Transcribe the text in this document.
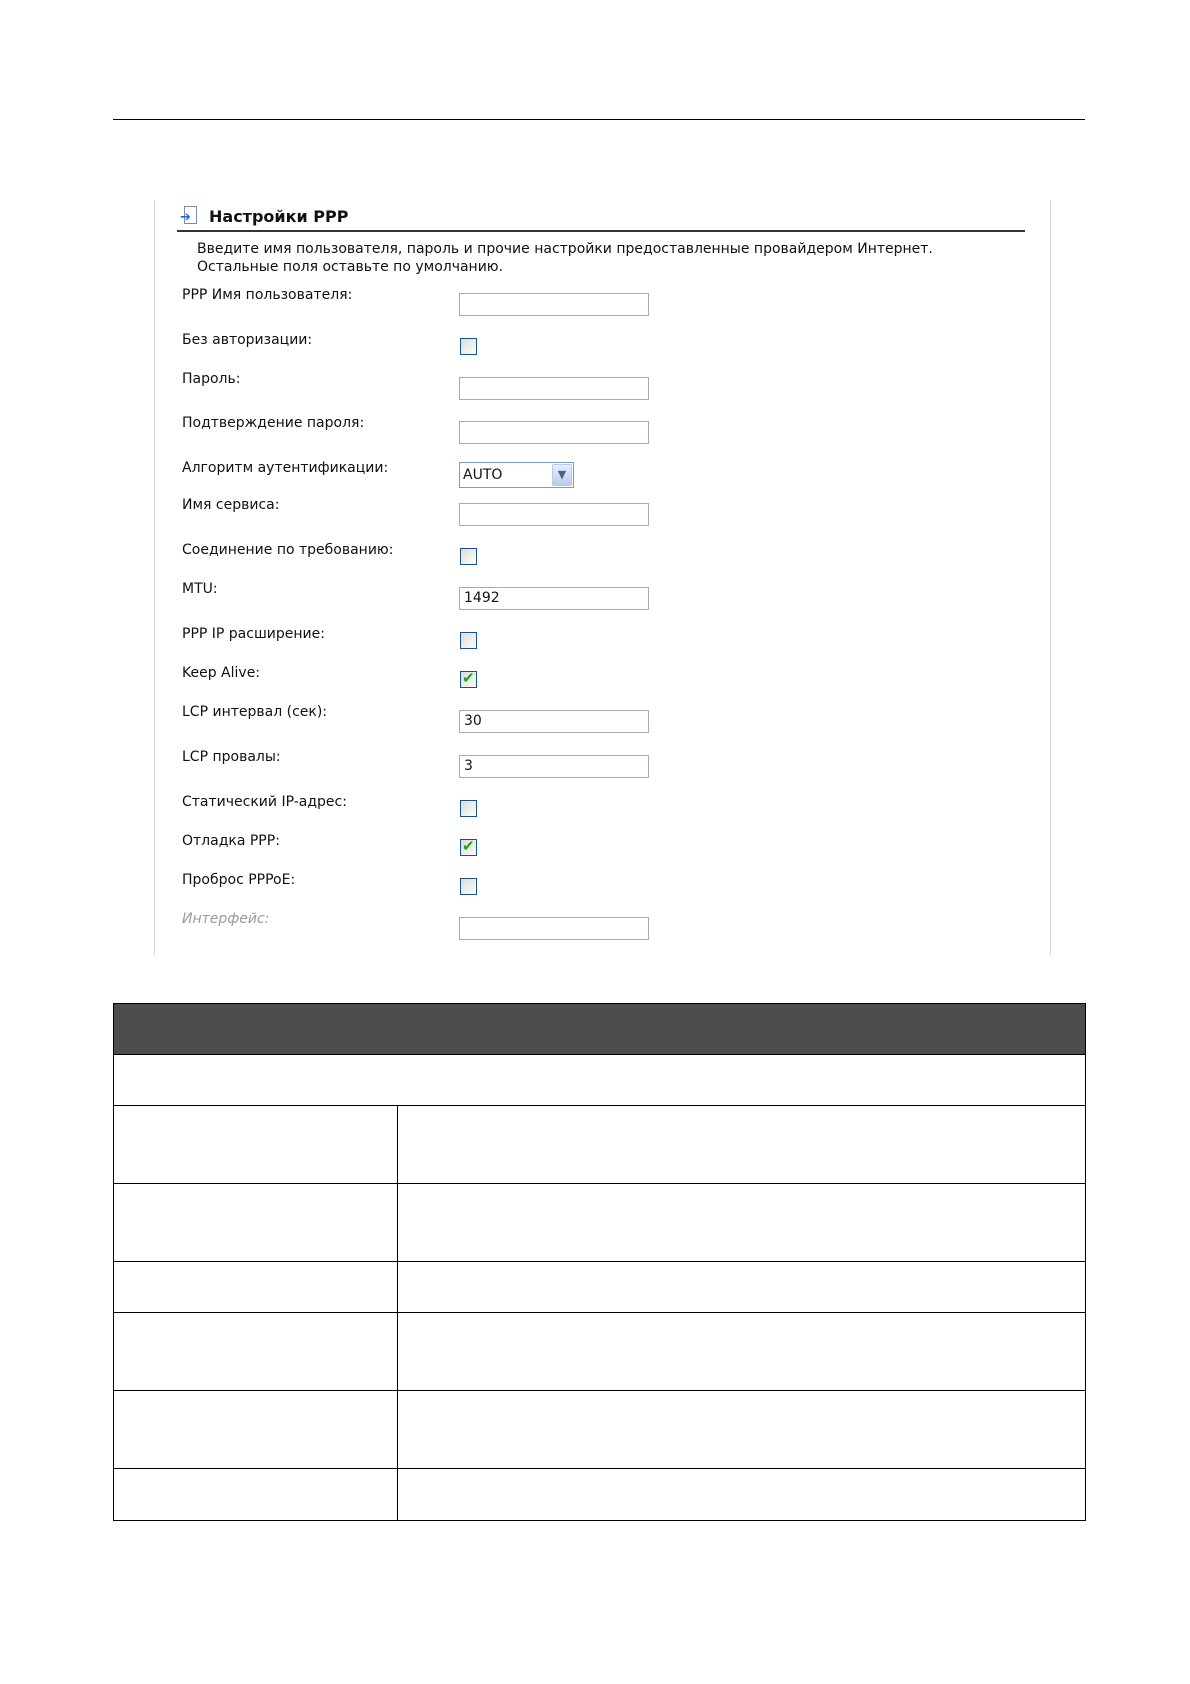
➔ Настройки PPP
Введите имя пользователя, пароль и прочие настройки предоставленные провайдером Интернет. Остальные поля оставьте по умолчанию.
PPP Имя пользователя:
Без авторизации:
Пароль:
Подтверждение пароля:
Алгоритм аутентификации:	AUTO	▼
Имя сервиса:
Соединение по требованию:
MTU:
1492
PPP IP расширение:
Keep Alive:	✔
LCP интервал (сек):
30
LCP провалы:
3
Статический IP-адрес:
Отладка PPP:	✔
Проброс PPPoE:
Интерфейс:
